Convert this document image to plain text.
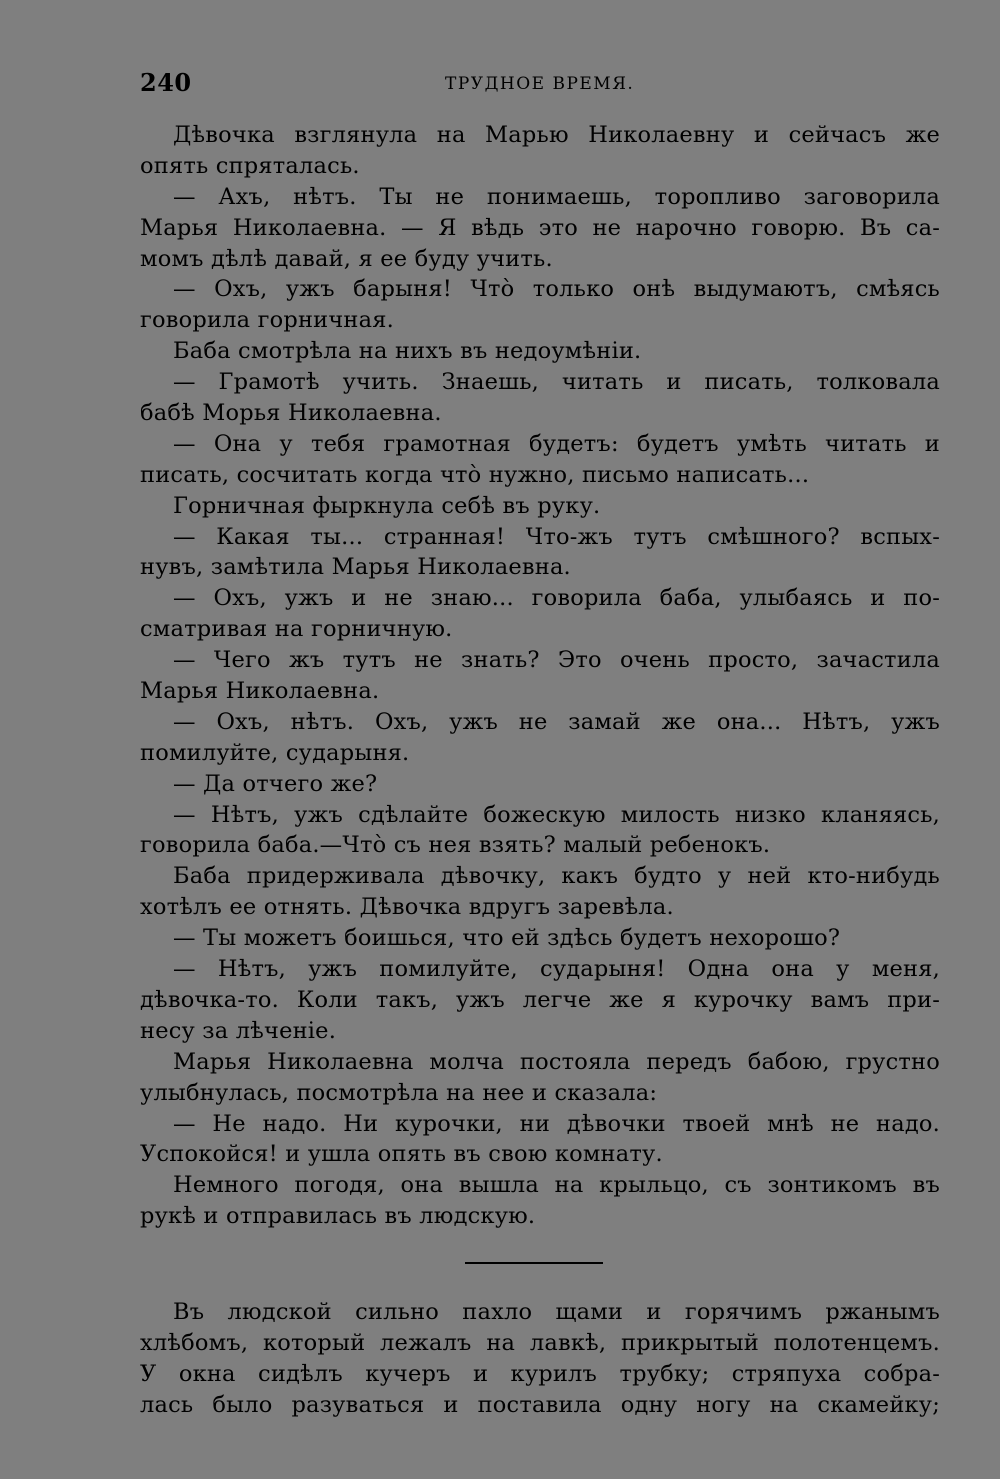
240	ТРУДНОЕ ВРЕМЯ.
Дѣвочка взглянула на Марью Николаевну и сейчасъ же
опять спряталась.
— Ахъ, нѣтъ. Ты не понимаешь, торопливо заговорила
Марья Николаевна. — Я вѣдь это не нарочно говорю. Въ са-
момъ дѣлѣ давай, я ее буду учить.
— Охъ, ужъ барыня! Чтò только онѣ выдумаютъ, смѣясь
говорила горничная.
Баба смотрѣла на нихъ въ недоумѣніи.
— Грамотѣ учить. Знаешь, читать и писать, толковала
бабѣ Морья Николаевна.
— Она у тебя грамотная будетъ: будетъ умѣть читать и
писать, сосчитать когда чтò нужно, письмо написать...
Горничная фыркнула себѣ въ руку.
— Какая ты... странная! Что-жъ тутъ смѣшного? вспых-
нувъ, замѣтила Марья Николаевна.
— Охъ, ужъ и не знаю... говорила баба, улыбаясь и по-
сматривая на горничную.
— Чего жъ тутъ не знать? Это очень просто, зачастила
Марья Николаевна.
— Охъ, нѣтъ. Охъ, ужъ не замай же она... Нѣтъ, ужъ
помилуйте, сударыня.
— Да отчего же?
— Нѣтъ, ужъ сдѣлайте божескую милость низко кланяясь,
говорила баба.—Чтò съ нея взять? малый ребенокъ.
Баба придерживала дѣвочку, какъ будто у ней кто-нибудь
хотѣлъ ее отнять. Дѣвочка вдругъ заревѣла.
— Ты можетъ боишься, что ей здѣсь будетъ нехорошо?
— Нѣтъ, ужъ помилуйте, сударыня! Одна она у меня,
дѣвочка-то. Коли такъ, ужъ легче же я курочку вамъ при-
несу за лѣченіе.
Марья Николаевна молча постояла передъ бабою, грустно
улыбнулась, посмотрѣла на нее и сказала:
— Не надо. Ни курочки, ни дѣвочки твоей мнѣ не надо.
Успокойся! и ушла опять въ свою комнату.
Немного погодя, она вышла на крыльцо, съ зонтикомъ въ
рукѣ и отправилась въ людскую.
Въ людской сильно пахло щами и горячимъ ржанымъ
хлѣбомъ, который лежалъ на лавкѣ, прикрытый полотенцемъ.
У окна сидѣлъ кучеръ и курилъ трубку; стряпуха собра-
лась было разуваться и поставила одну ногу на скамейку;
